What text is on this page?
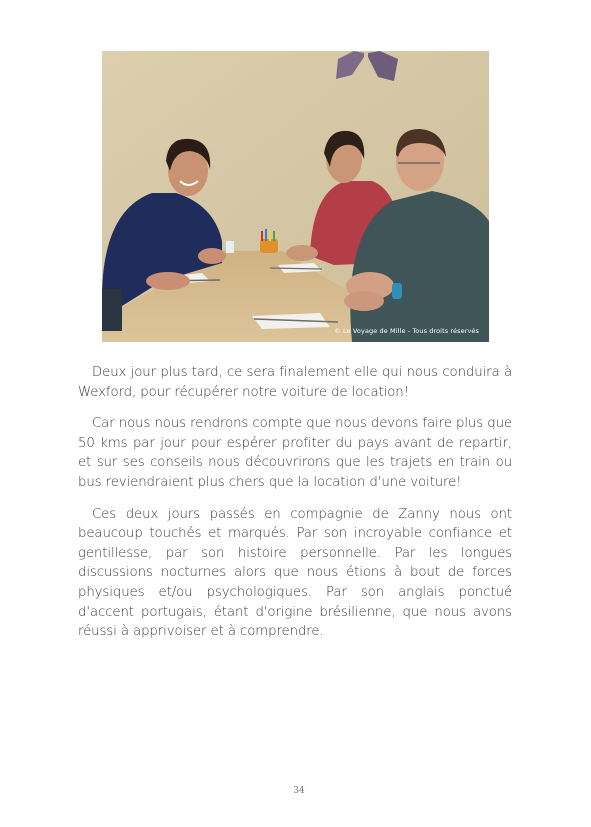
© Le Voyage de Mille - Tous droits réservés

Deux jour plus tard, ce sera finalement elle qui nous conduira à Wexford, pour récupérer notre voiture de location!

Car nous nous rendrons compte que nous devons faire plus que 50 kms par jour pour espérer profiter du pays avant de repartir, et sur ses conseils nous découvrirons que les trajets en train ou bus reviendraient plus chers que la location d'une voiture!

Ces deux jours passés en compagnie de Zanny nous ont beaucoup touchés et marqués. Par son incroyable confiance et gentillesse, par son histoire personnelle. Par les longues discussions nocturnes alors que nous étions à bout de forces physiques et/ou psychologiques. Par son anglais ponctué d'accent portugais, étant d'origine brésilienne, que nous avons réussi à apprivoiser et à comprendre.

34
